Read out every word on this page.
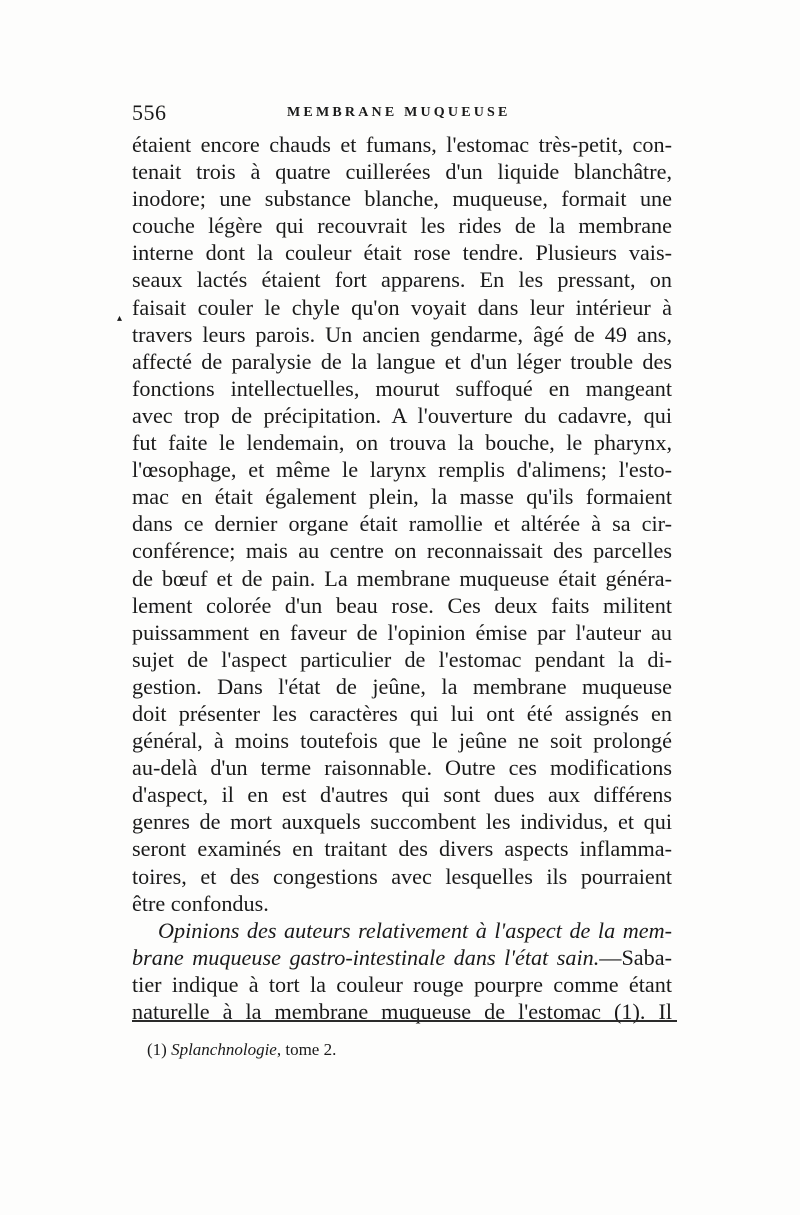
556	MEMBRANE MUQUEUSE
▴
étaient encore chauds et fumans, l'estomac très-petit, con-
tenait trois à quatre cuillerées d'un liquide blanchâtre,
inodore; une substance blanche, muqueuse, formait une
couche légère qui recouvrait les rides de la membrane
interne dont la couleur était rose tendre. Plusieurs vais-
seaux lactés étaient fort apparens. En les pressant, on
faisait couler le chyle qu'on voyait dans leur intérieur à
travers leurs parois. Un ancien gendarme, âgé de 49 ans,
affecté de paralysie de la langue et d'un léger trouble des
fonctions intellectuelles, mourut suffoqué en mangeant
avec trop de précipitation. A l'ouverture du cadavre, qui
fut faite le lendemain, on trouva la bouche, le pharynx,
l'œsophage, et même le larynx remplis d'alimens; l'esto-
mac en était également plein, la masse qu'ils formaient
dans ce dernier organe était ramollie et altérée à sa cir-
conférence; mais au centre on reconnaissait des parcelles
de bœuf et de pain. La membrane muqueuse était généra-
lement colorée d'un beau rose. Ces deux faits militent
puissamment en faveur de l'opinion émise par l'auteur au
sujet de l'aspect particulier de l'estomac pendant la di-
gestion. Dans l'état de jeûne, la membrane muqueuse
doit présenter les caractères qui lui ont été assignés en
général, à moins toutefois que le jeûne ne soit prolongé
au-delà d'un terme raisonnable. Outre ces modifications
d'aspect, il en est d'autres qui sont dues aux différens
genres de mort auxquels succombent les individus, et qui
seront examinés en traitant des divers aspects inflamma-
toires, et des congestions avec lesquelles ils pourraient
être confondus.
Opinions des auteurs relativement à l'aspect de la mem-
brane muqueuse gastro-intestinale dans l'état sain.—Saba-
tier indique à tort la couleur rouge pourpre comme étant
naturelle à la membrane muqueuse de l'estomac (1). Il
(1) Splanchnologie, tome 2.
